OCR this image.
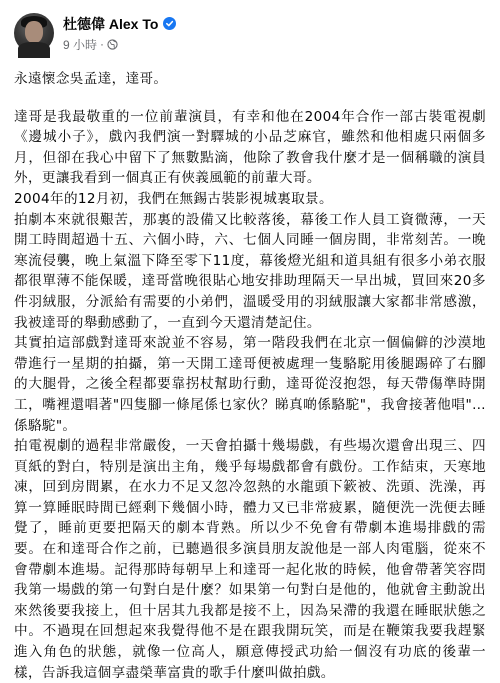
杜德偉 Alex To
9 小時 ·

永遠懷念吳孟達，達哥。

達哥是我最敬重的一位前輩演員，有幸和他在2004年合作一部古裝電視劇《邊城小子》，戲內我們演一對驛城的小品芝麻官，雖然和他相處只兩個多月，但卻在我心中留下了無數點滴，他除了教會我什麼才是一個稱職的演員外，更讓我看到一個真正有俠義風範的前輩大哥。

2004年的12月初，我們在無錫古裝影視城裏取景。

拍劇本來就很艱苦，那裏的設備又比較落後，幕後工作人員工資微薄，一天開工時間超過十五、六個小時，六、七個人同睡一個房間，非常刻苦。一晚寒流侵襲，晚上氣溫下降至零下11度，幕後燈光組和道具組有很多小弟衣服都很單薄不能保暖，達哥當晚很貼心地安排助理隔天一早出城，買回來20多件羽絨服，分派給有需要的小弟們，溫暖受用的羽絨服讓大家都非常感激，我被達哥的舉動感動了，一直到今天還清楚記住。

其實拍這部戲對達哥來說並不容易，第一階段我們在北京一個偏僻的沙漠地帶進行一星期的拍攝，第一天開工達哥便被處理一隻駱駝用後腿踢碎了右腳的大腿骨，之後全程都要靠拐杖幫助行動，達哥從沒抱怨，每天帶傷準時開工，嘴裡還唱著"四隻腳一條尾係乜家伙？睇真啲係駱駝"，我會接著他唱"…係駱駝"。

拍電視劇的過程非常嚴俊，一天會拍攝十幾場戲，有些場次還會出現三、四頁紙的對白，特別是演出主角，幾乎每場戲都會有戲份。工作結束，天寒地凍，回到房間累，在水力不足又忽冷忽熱的水龍頭下簌被、洗頭、洗澡，再算一算睡眠時間已經剩下幾個小時，體力又已非常疲累，隨便洗一洗便去睡覺了，睡前更要把隔天的劇本背熟。所以少不免會有帶劇本進場排戲的需要。在和達哥合作之前，已聽過很多演員朋友說他是一部人肉電腦，從來不會帶劇本進場。記得那時每朝早上和達哥一起化妝的時候，他會帶著笑容問我第一場戲的第一句對白是什麼？如果第一句對白是他的，他就會主動說出來然後要我接上，但十居其九我都是接不上，因為呆滯的我還在睡眠狀態之中。不過現在回想起來我覺得他不是在跟我開玩笑，而是在鞭策我要我趕緊進入角色的狀態，就像一位高人，願意傳授武功給一個沒有功底的後輩一樣，告訴我這個享盡榮華富貴的歌手什麼叫做拍戲。
